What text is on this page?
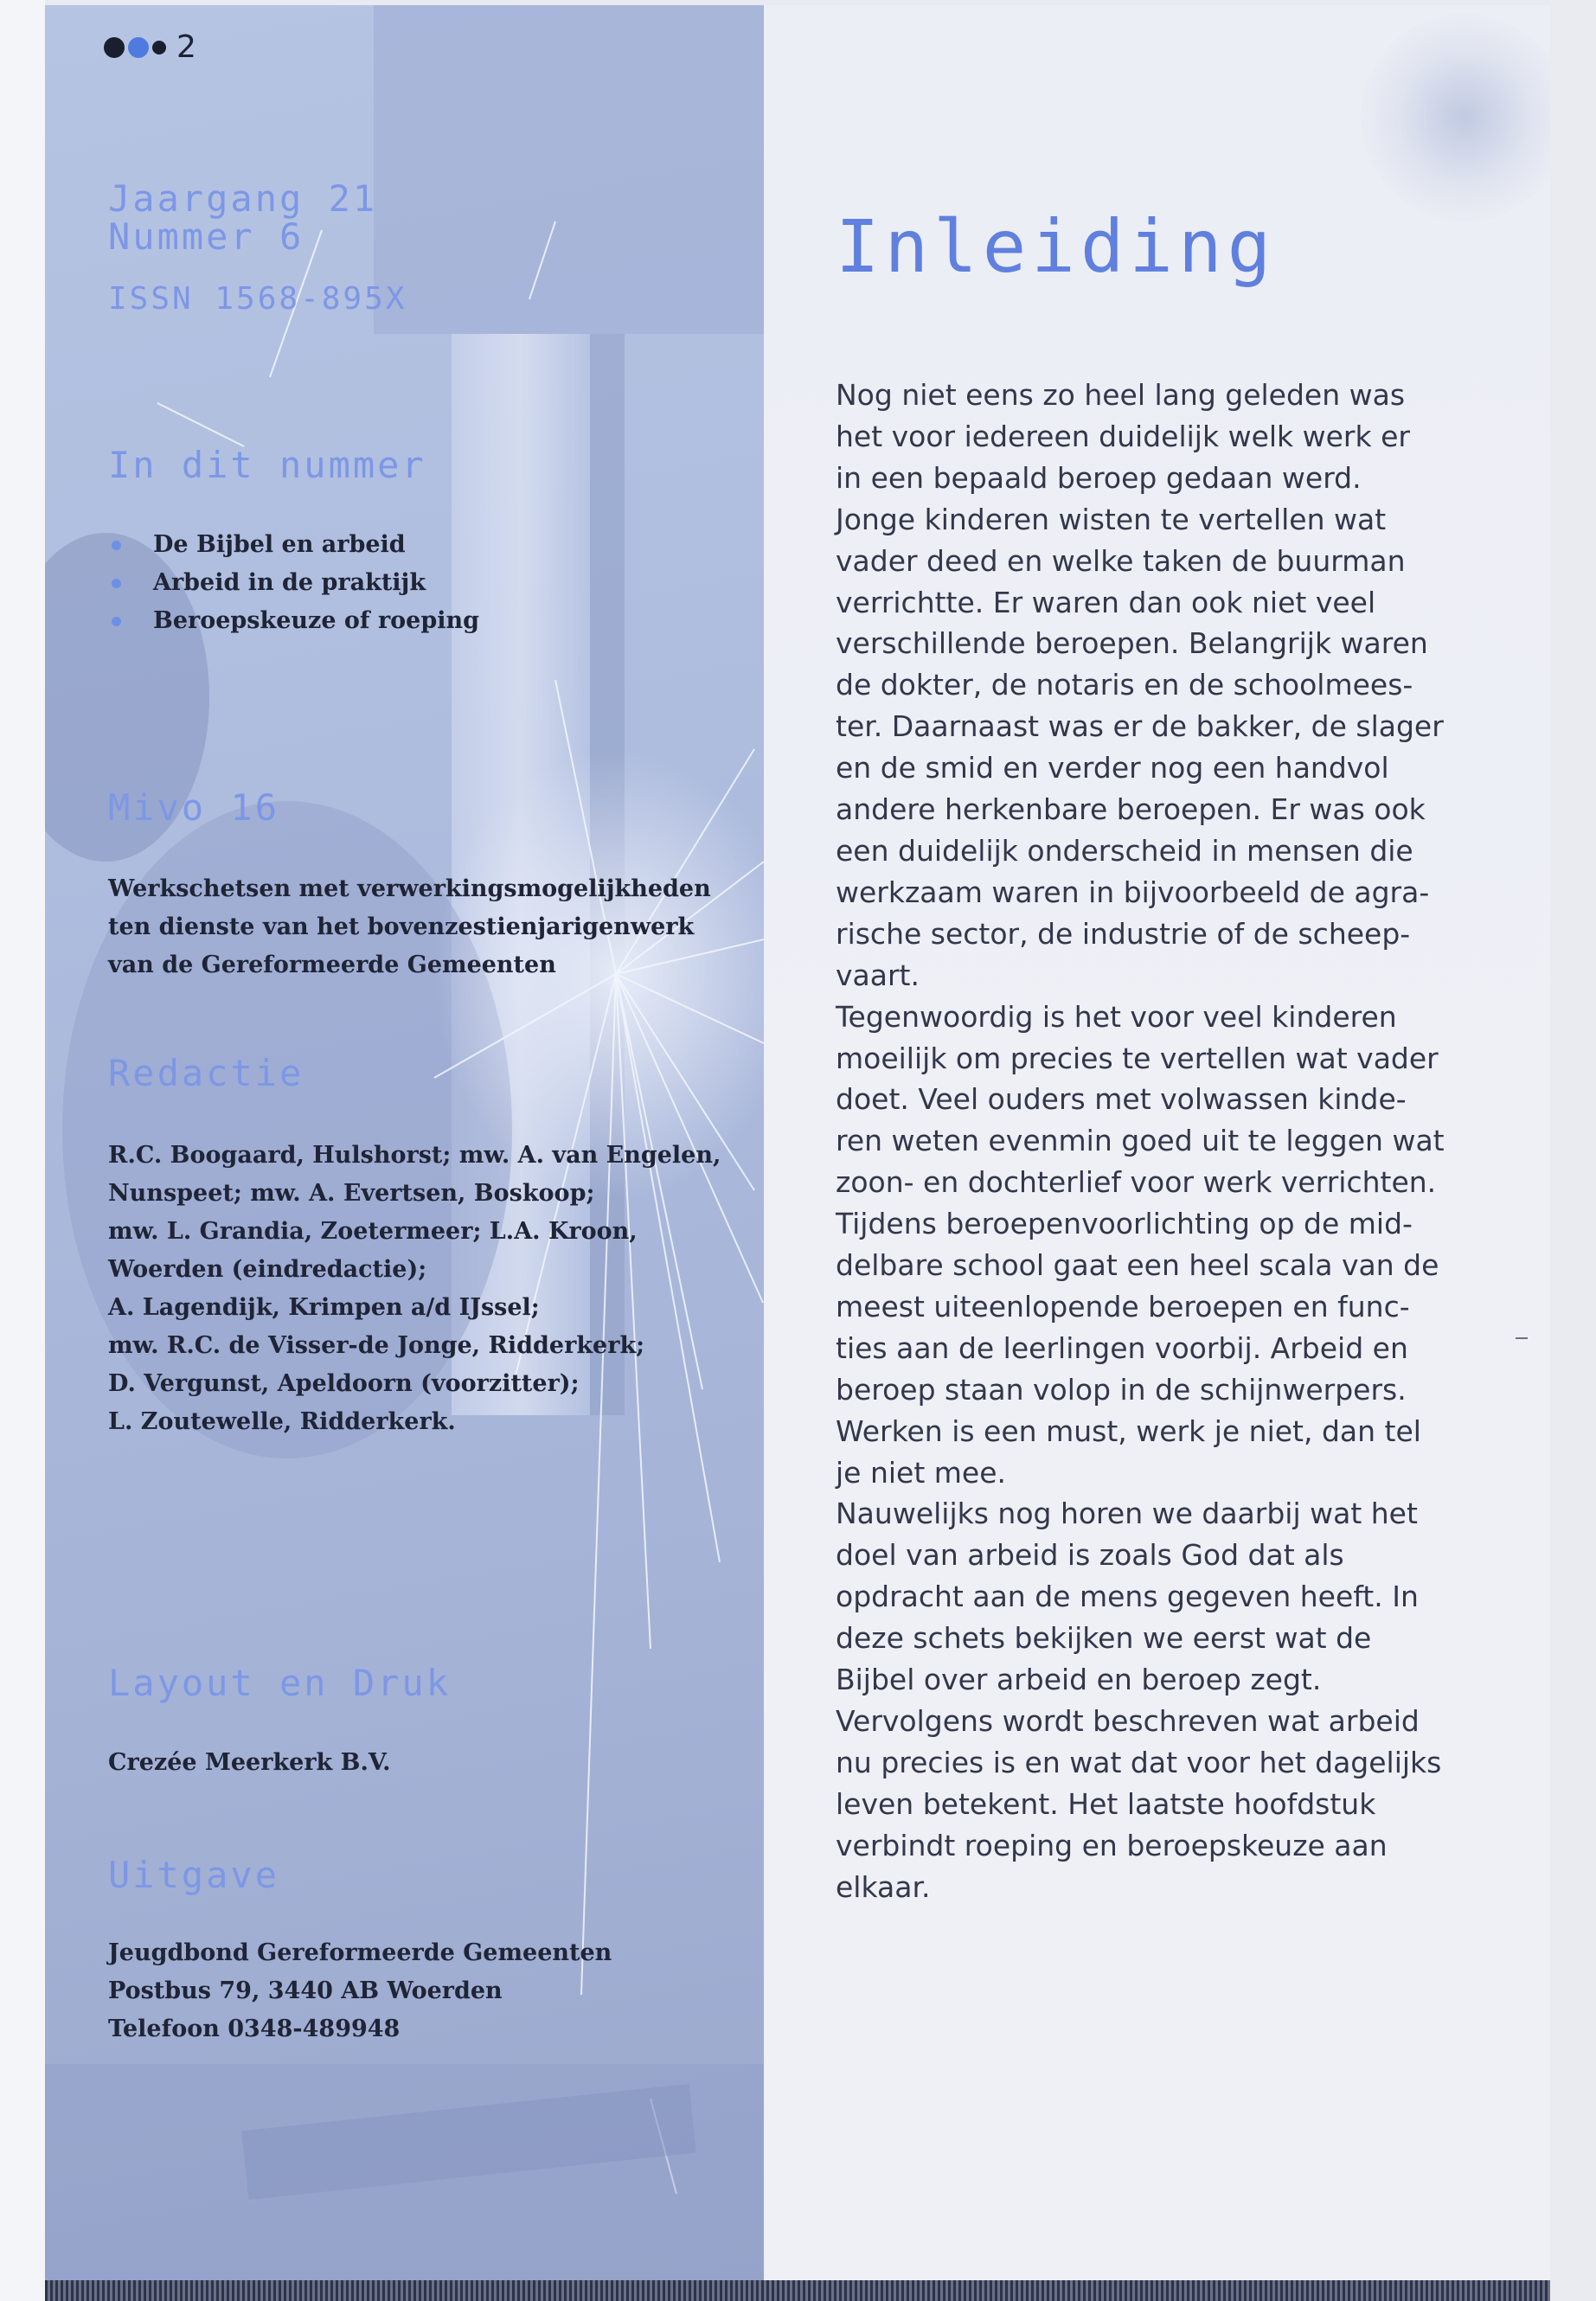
2
Jaargang 21
Nummer 6
ISSN 1568-895X
In dit nummer
De Bijbel en arbeid
Arbeid in de praktijk
Beroepskeuze of roeping
Mivo 16
Werkschetsen met verwerkingsmogelijkheden
ten dienste van het bovenzestienjarigenwerk
van de Gereformeerde Gemeenten
Redactie
R.C. Boogaard, Hulshorst; mw. A. van Engelen,
Nunspeet; mw. A. Evertsen, Boskoop;
mw. L. Grandia, Zoetermeer; L.A. Kroon,
Woerden (eindredactie);
A. Lagendijk, Krimpen a/d IJssel;
mw. R.C. de Visser-de Jonge, Ridderkerk;
D. Vergunst, Apeldoorn (voorzitter);
L. Zoutewelle, Ridderkerk.
Layout en Druk
Crezée Meerkerk B.V.
Uitgave
Jeugdbond Gereformeerde Gemeenten
Postbus 79, 3440 AB Woerden
Telefoon 0348-489948
Inleiding
Nog niet eens zo heel lang geleden was
het voor iedereen duidelijk welk werk er
in een bepaald beroep gedaan werd.
Jonge kinderen wisten te vertellen wat
vader deed en welke taken de buurman
verrichtte. Er waren dan ook niet veel
verschillende beroepen. Belangrijk waren
de dokter, de notaris en de schoolmees-
ter. Daarnaast was er de bakker, de slager
en de smid en verder nog een handvol
andere herkenbare beroepen. Er was ook
een duidelijk onderscheid in mensen die
werkzaam waren in bijvoorbeeld de agra-
rische sector, de industrie of de scheep-
vaart.
Tegenwoordig is het voor veel kinderen
moeilijk om precies te vertellen wat vader
doet. Veel ouders met volwassen kinde-
ren weten evenmin goed uit te leggen wat
zoon- en dochterlief voor werk verrichten.
Tijdens beroepenvoorlichting op de mid-
delbare school gaat een heel scala van de
meest uiteenlopende beroepen en func-
ties aan de leerlingen voorbij. Arbeid en
beroep staan volop in de schijnwerpers.
Werken is een must, werk je niet, dan tel
je niet mee.
Nauwelijks nog horen we daarbij wat het
doel van arbeid is zoals God dat als
opdracht aan de mens gegeven heeft. In
deze schets bekijken we eerst wat de
Bijbel over arbeid en beroep zegt.
Vervolgens wordt beschreven wat arbeid
nu precies is en wat dat voor het dagelijks
leven betekent. Het laatste hoofdstuk
verbindt roeping en beroepskeuze aan
elkaar.
